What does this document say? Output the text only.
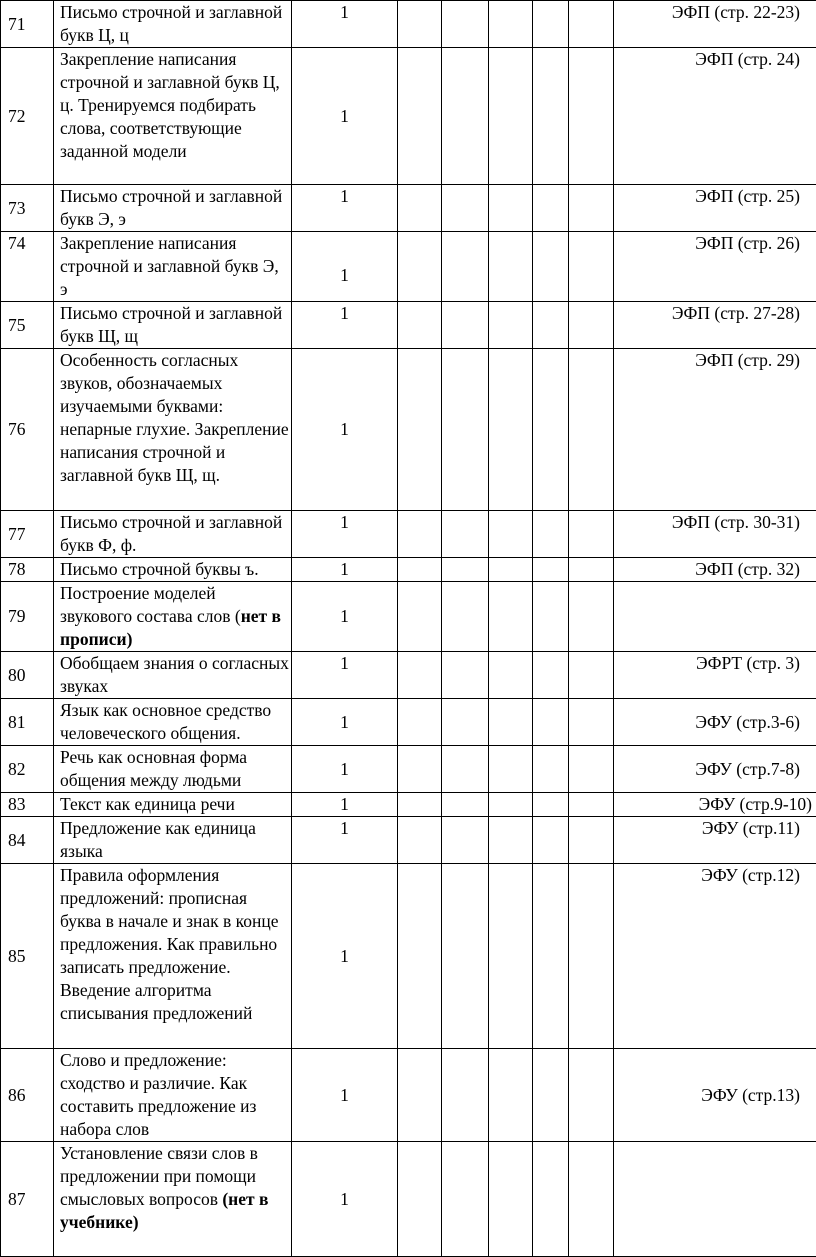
71	Письмо строчной и заглавной букв Ц, ц	1						ЭФП (стр. 22-23)
72	Закрепление написания строчной и заглавной букв Ц, ц. Тренируемся подбирать слова, соответствующие заданной модели	1						ЭФП (стр. 24)
73	Письмо строчной и заглавной букв Э, э	1						ЭФП (стр. 25)
74	Закрепление написания строчной и заглавной букв Э, э	1						ЭФП (стр. 26)
75	Письмо строчной и заглавной букв Щ, щ	1						ЭФП (стр. 27-28)
76	Особенность согласных звуков, обозначаемых изучаемыми буквами: непарные глухие. Закрепление написания строчной и заглавной букв Щ, щ.	1						ЭФП (стр. 29)
77	Письмо строчной и заглавной букв Ф, ф.	1						ЭФП (стр. 30-31)
78	Письмо строчной буквы ъ.	1						ЭФП (стр. 32)
79	Построение моделей звукового состава слов (нет в прописи)	1						
80	Обобщаем знания о согласных звуках	1						ЭФРТ (стр. 3)
81	Язык как основное средство человеческого общения.	1						ЭФУ (стр.3-6)
82	Речь как основная форма общения между людьми	1						ЭФУ (стр.7-8)
83	Текст как единица речи	1						ЭФУ (стр.9-10)
84	Предложение как единица языка	1						ЭФУ (стр.11)
85	Правила оформления предложений: прописная буква в начале и знак в конце предложения. Как правильно записать предложение. Введение алгоритма списывания предложений	1						ЭФУ (стр.12)
86	Слово и предложение: сходство и различие. Как составить предложение из набора слов	1						ЭФУ (стр.13)
87	Установление связи слов в предложении при помощи смысловых вопросов (нет в учебнике)	1						
